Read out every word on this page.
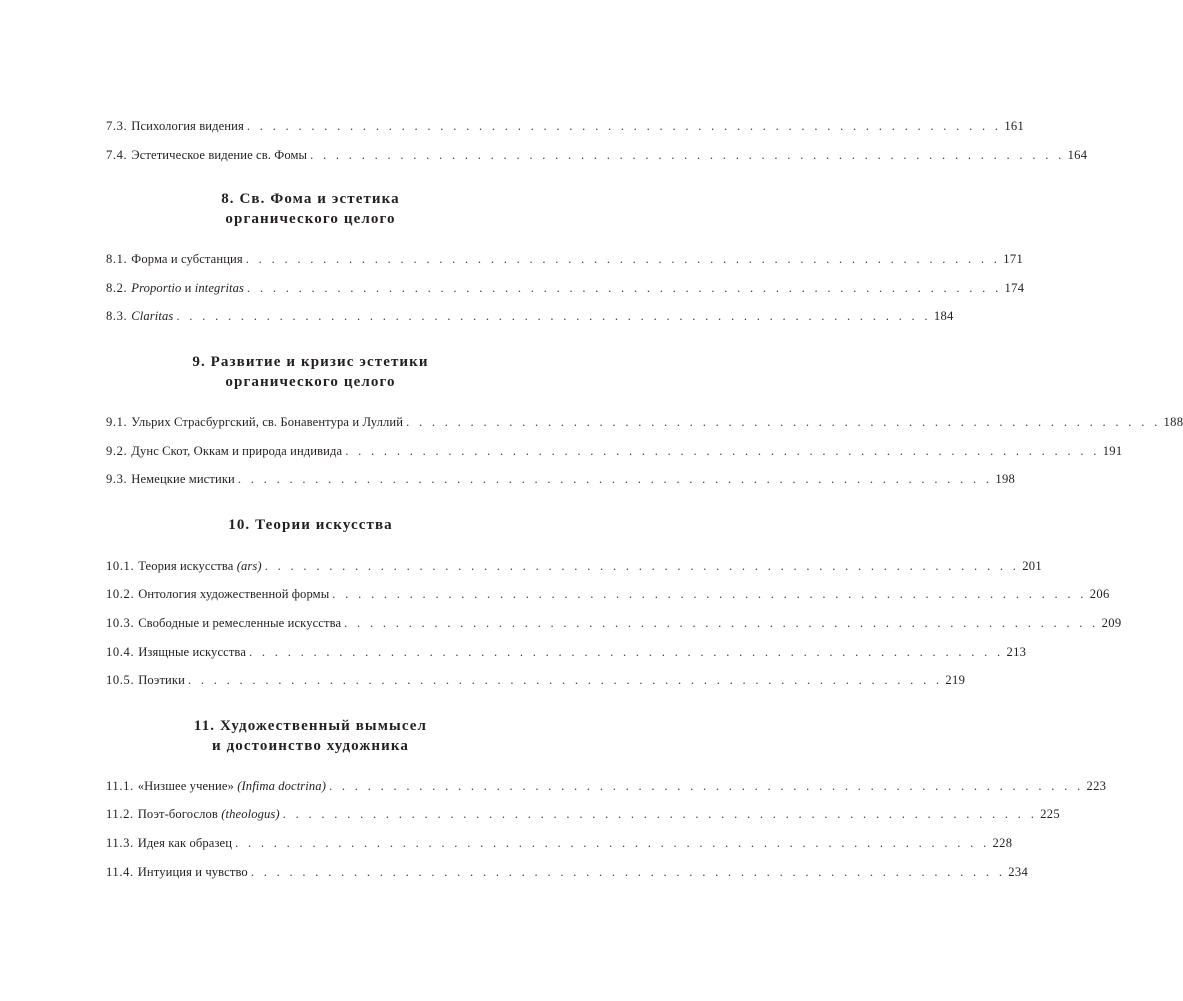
7.3. Психология видения . . . . . . . . . . . . . . . . . . . . . . . . . . . . . . . . . . . . . . . . . . . . . . . . . . . . . . . . . . . 161
7.4. Эстетическое видение св. Фомы . . . . . . . . . . . . . . . . . . . . . . . . . . . . . . . . . . . . . . . . . . . . . . . . . . . . . . . . . . . 164
8. Св. Фома и эстетика
органического целого
8.1. Форма и субстанция . . . . . . . . . . . . . . . . . . . . . . . . . . . . . . . . . . . . . . . . . . . . . . . . . . . . . . . . . . . 171
8.2. Proportio и integritas . . . . . . . . . . . . . . . . . . . . . . . . . . . . . . . . . . . . . . . . . . . . . . . . . . . . . . . . . . . 174
8.3. Claritas . . . . . . . . . . . . . . . . . . . . . . . . . . . . . . . . . . . . . . . . . . . . . . . . . . . . . . . . . . . 184
9. Развитие и кризис эстетики
органического целого
9.1. Ульрих Страсбургский, св. Бонавентура и Луллий . . . . . . . . . . . . . . . . . . . . . . . . . . . . . . . . . . . . . . . . . . . . . . . . . . . . . . . . . . . 188
9.2. Дунс Скот, Оккам и природа индивида . . . . . . . . . . . . . . . . . . . . . . . . . . . . . . . . . . . . . . . . . . . . . . . . . . . . . . . . . . . 191
9.3. Немецкие мистики . . . . . . . . . . . . . . . . . . . . . . . . . . . . . . . . . . . . . . . . . . . . . . . . . . . . . . . . . . . 198
10. Теории искусства
10.1. Теория искусства (ars) . . . . . . . . . . . . . . . . . . . . . . . . . . . . . . . . . . . . . . . . . . . . . . . . . . . . . . . . . . . 201
10.2. Онтология художественной формы . . . . . . . . . . . . . . . . . . . . . . . . . . . . . . . . . . . . . . . . . . . . . . . . . . . . . . . . . . . 206
10.3. Свободные и ремесленные искусства . . . . . . . . . . . . . . . . . . . . . . . . . . . . . . . . . . . . . . . . . . . . . . . . . . . . . . . . . . . 209
10.4. Изящные искусства . . . . . . . . . . . . . . . . . . . . . . . . . . . . . . . . . . . . . . . . . . . . . . . . . . . . . . . . . . . 213
10.5. Поэтики . . . . . . . . . . . . . . . . . . . . . . . . . . . . . . . . . . . . . . . . . . . . . . . . . . . . . . . . . . . 219
11. Художественный вымысел
и достоинство художника
11.1. «Низшее учение» (Infima doctrina) . . . . . . . . . . . . . . . . . . . . . . . . . . . . . . . . . . . . . . . . . . . . . . . . . . . . . . . . . . . 223
11.2. Поэт-богослов (theologus) . . . . . . . . . . . . . . . . . . . . . . . . . . . . . . . . . . . . . . . . . . . . . . . . . . . . . . . . . . . 225
11.3. Идея как образец . . . . . . . . . . . . . . . . . . . . . . . . . . . . . . . . . . . . . . . . . . . . . . . . . . . . . . . . . . . 228
11.4. Интуиция и чувство . . . . . . . . . . . . . . . . . . . . . . . . . . . . . . . . . . . . . . . . . . . . . . . . . . . . . . . . . . . 234
